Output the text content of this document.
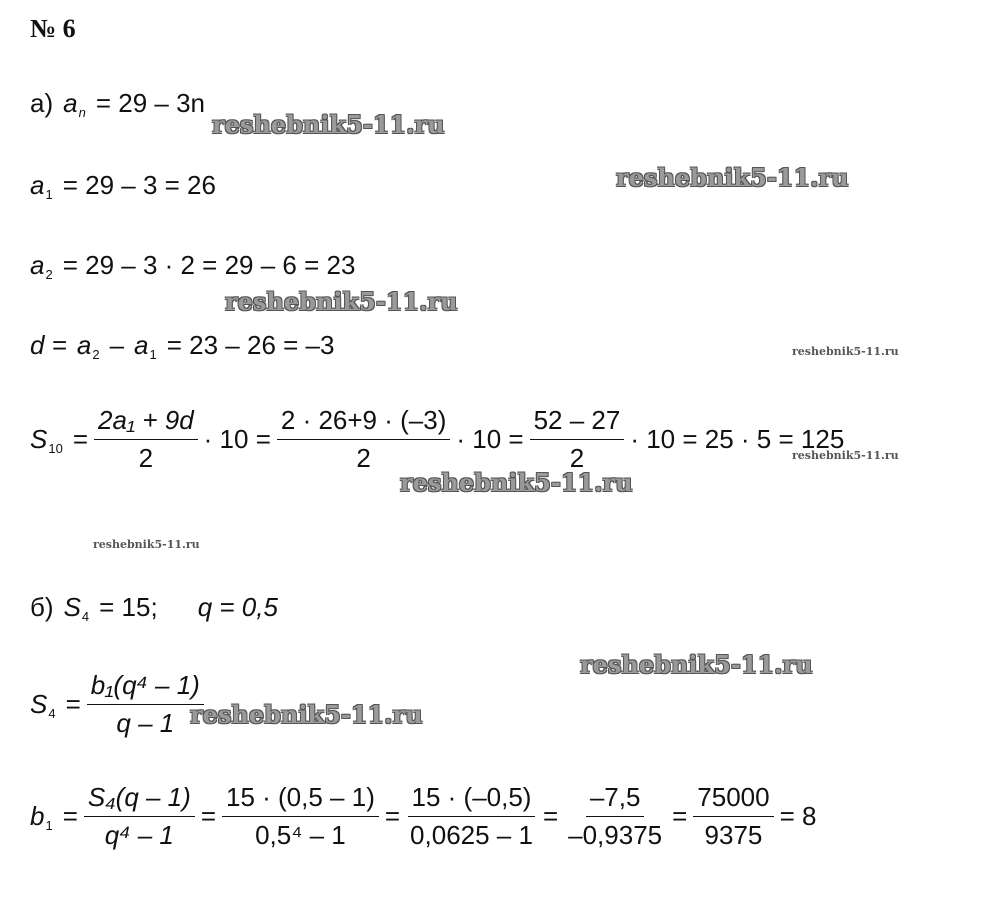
№ 6
а) a n = 29 – 3n
a 1 = 29 – 3 = 26
a 2 = 29 – 3 · 2 = 29 – 6 = 23
d = a 2 – a 1 = 23 – 26 = –3
S $10 = \frac{\text{2a₁ + 9d}}{2} \cdot 10 = \frac{2 \cdot 26+9 \cdot (-3)}{2} \cdot 10 = \frac{52 - 27}{2} \cdot 10 = 25 \cdot 5 = 125$
б) S 4 = 15; q = 0,5
S $4 = \frac{\text{b₁(q⁴ – 1)}}{q - 1}$
b $1 = \frac{\text{S₄(q – 1)}}{\text{q⁴ – 1}} = \frac{15 \cdot (0,5 - 1)}{\text{0,5⁴ – 1}} = \frac{15 \cdot (-0,5)}{0,0625 - 1} = \frac{-7,5}{-0,9375} = \frac{75000}{9375} = 8$
reshebnik5-11.ru
reshebnik5-11.ru
reshebnik5-11.ru
reshebnik5-11.ru
reshebnik5-11.ru
reshebnik5-11.ru
reshebnik5-11.ru
reshebnik5-11.ru
reshebnik5-11.ru
